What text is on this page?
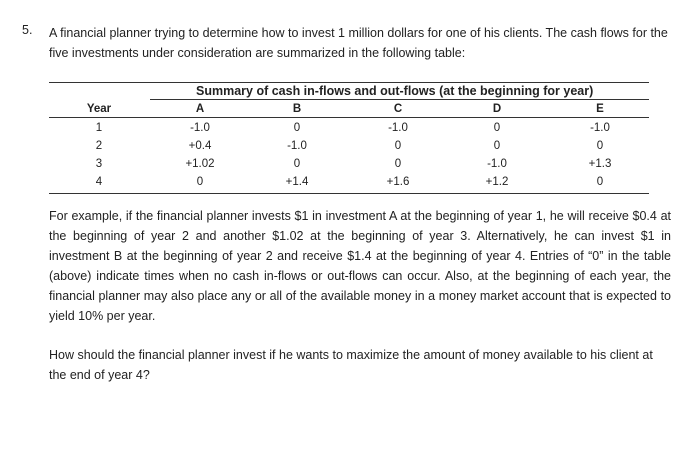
5. A financial planner trying to determine how to invest 1 million dollars for one of his clients. The cash flows for the five investments under consideration are summarized in the following table:

Summary of cash in-flows and out-flows (at the beginning for year)
Year	A	B	C	D	E
1	-1.0	0	-1.0	0	-1.0
2	+0.4	-1.0	0	0	0
3	+1.02	0	0	-1.0	+1.3
4	0	+1.4	+1.6	+1.2	0

For example, if the financial planner invests $1 in investment A at the beginning of year 1, he will receive $0.4 at the beginning of year 2 and another $1.02 at the beginning of year 3. Alternatively, he can invest $1 in investment B at the beginning of year 2 and receive $1.4 at the beginning of year 4. Entries of “0” in the table (above) indicate times when no cash in-flows or out-flows can occur. Also, at the beginning of each year, the financial planner may also place any or all of the available money in a money market account that is expected to yield 10% per year.

How should the financial planner invest if he wants to maximize the amount of money available to his client at the end of year 4?
